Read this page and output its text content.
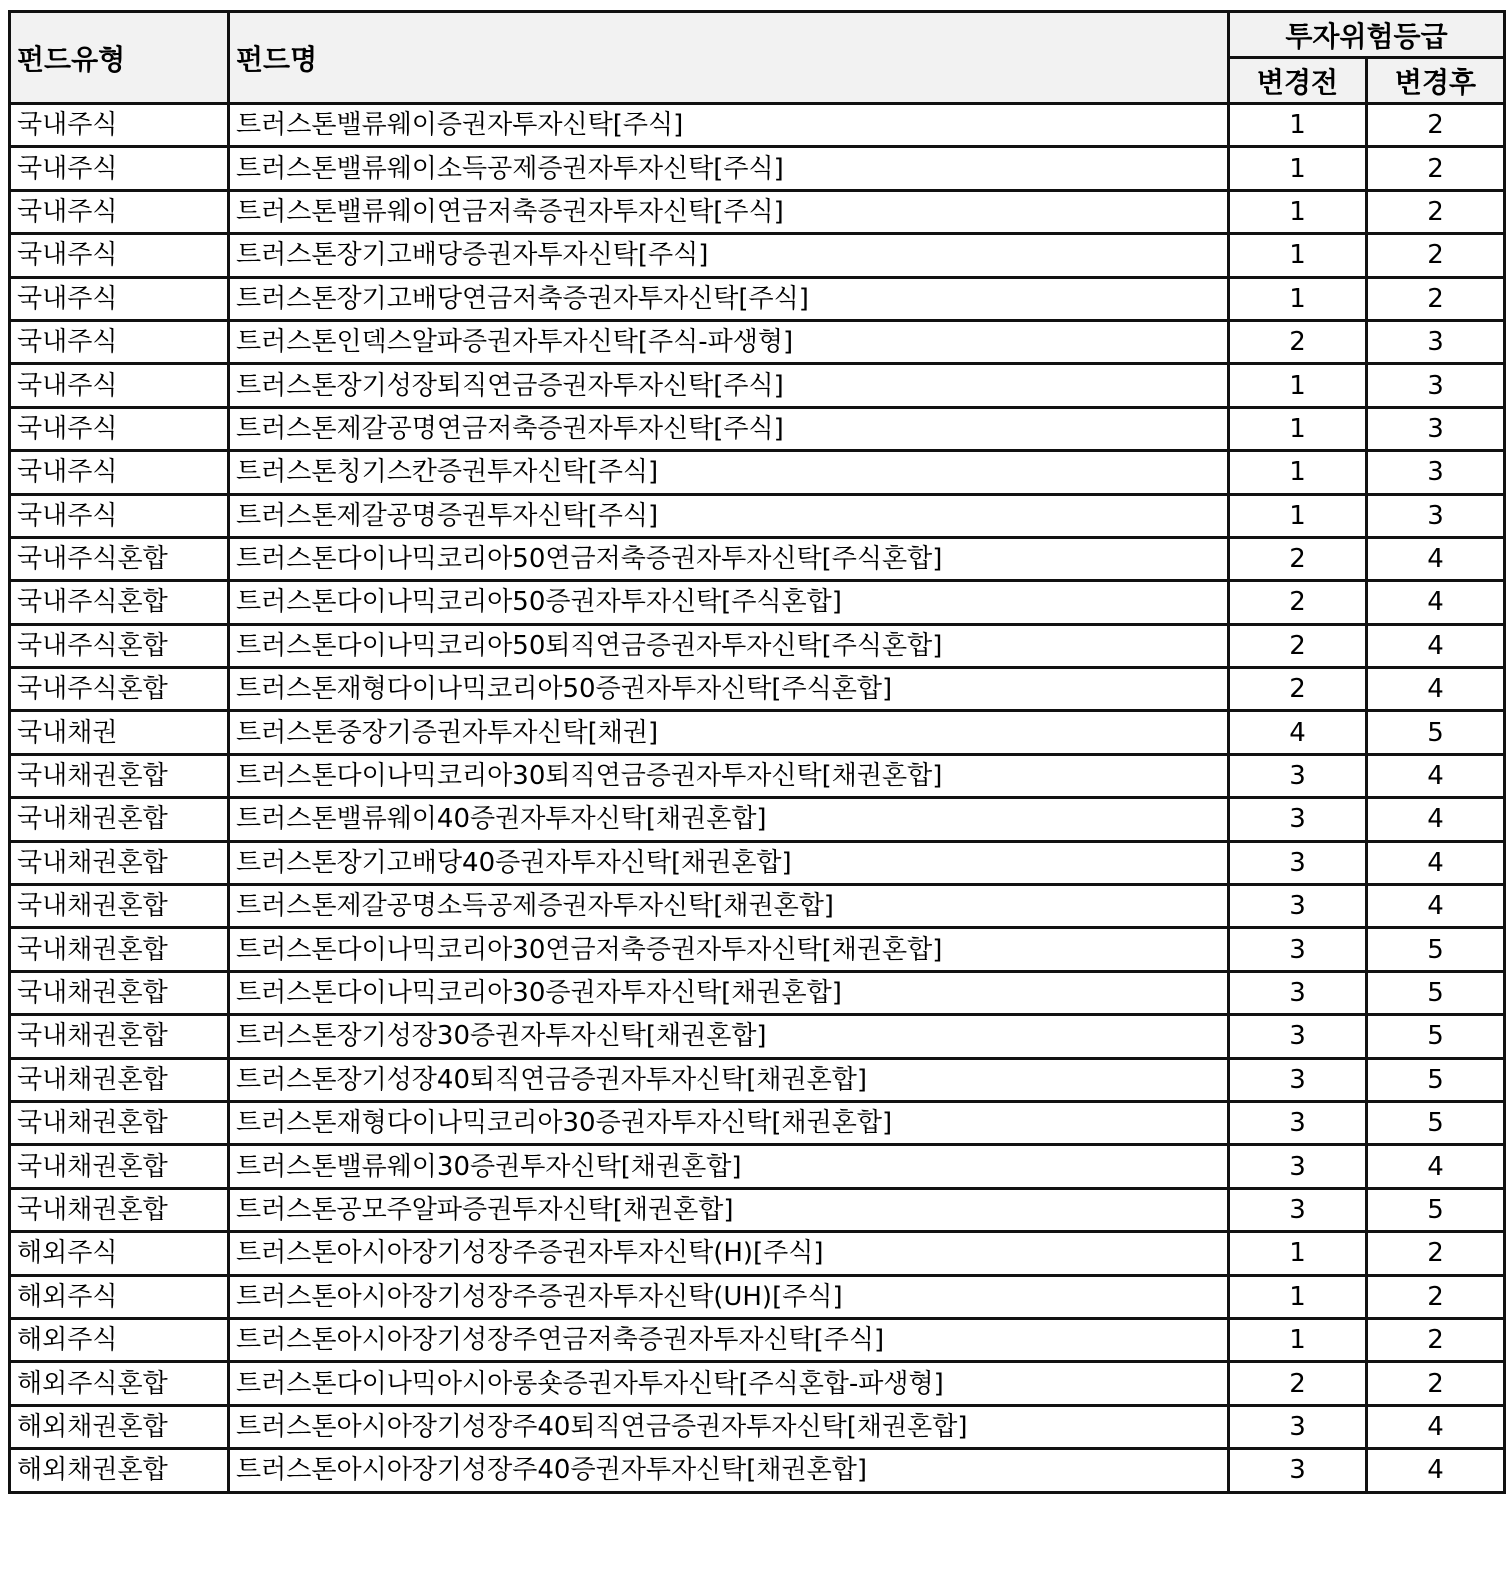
펀드유형	펀드명	투자위험등급	
		변경전	변경후
국내주식	트러스톤밸류웨이증권자투자신탁[주식]	1	2
국내주식	트러스톤밸류웨이소득공제증권자투자신탁[주식]	1	2
국내주식	트러스톤밸류웨이연금저축증권자투자신탁[주식]	1	2
국내주식	트러스톤장기고배당증권자투자신탁[주식]	1	2
국내주식	트러스톤장기고배당연금저축증권자투자신탁[주식]	1	2
국내주식	트러스톤인덱스알파증권자투자신탁[주식-파생형]	2	3
국내주식	트러스톤장기성장퇴직연금증권자투자신탁[주식]	1	3
국내주식	트러스톤제갈공명연금저축증권자투자신탁[주식]	1	3
국내주식	트러스톤칭기스칸증권투자신탁[주식]	1	3
국내주식	트러스톤제갈공명증권투자신탁[주식]	1	3
국내주식혼합	트러스톤다이나믹코리아50연금저축증권자투자신탁[주식혼합]	2	4
국내주식혼합	트러스톤다이나믹코리아50증권자투자신탁[주식혼합]	2	4
국내주식혼합	트러스톤다이나믹코리아50퇴직연금증권자투자신탁[주식혼합]	2	4
국내주식혼합	트러스톤재형다이나믹코리아50증권자투자신탁[주식혼합]	2	4
국내채권	트러스톤중장기증권자투자신탁[채권]	4	5
국내채권혼합	트러스톤다이나믹코리아30퇴직연금증권자투자신탁[채권혼합]	3	4
국내채권혼합	트러스톤밸류웨이40증권자투자신탁[채권혼합]	3	4
국내채권혼합	트러스톤장기고배당40증권자투자신탁[채권혼합]	3	4
국내채권혼합	트러스톤제갈공명소득공제증권자투자신탁[채권혼합]	3	4
국내채권혼합	트러스톤다이나믹코리아30연금저축증권자투자신탁[채권혼합]	3	5
국내채권혼합	트러스톤다이나믹코리아30증권자투자신탁[채권혼합]	3	5
국내채권혼합	트러스톤장기성장30증권자투자신탁[채권혼합]	3	5
국내채권혼합	트러스톤장기성장40퇴직연금증권자투자신탁[채권혼합]	3	5
국내채권혼합	트러스톤재형다이나믹코리아30증권자투자신탁[채권혼합]	3	5
국내채권혼합	트러스톤밸류웨이30증권투자신탁[채권혼합]	3	4
국내채권혼합	트러스톤공모주알파증권투자신탁[채권혼합]	3	5
해외주식	트러스톤아시아장기성장주증권자투자신탁(H)[주식]	1	2
해외주식	트러스톤아시아장기성장주증권자투자신탁(UH)[주식]	1	2
해외주식	트러스톤아시아장기성장주연금저축증권자투자신탁[주식]	1	2
해외주식혼합	트러스톤다이나믹아시아롱숏증권자투자신탁[주식혼합-파생형]	2	2
해외채권혼합	트러스톤아시아장기성장주40퇴직연금증권자투자신탁[채권혼합]	3	4
해외채권혼합	트러스톤아시아장기성장주40증권자투자신탁[채권혼합]	3	4
